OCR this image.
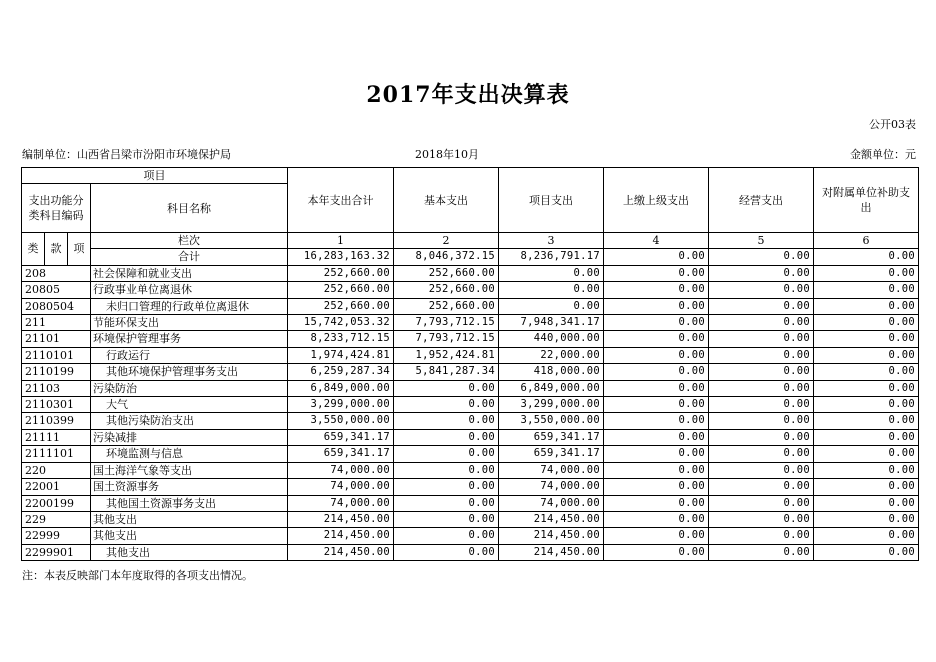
2017年支出决算表
公开03表
编制单位：山西省吕梁市汾阳市环境保护局	2018年10月	金额单位：元
项目				本年支出合计	基本支出	项目支出	上缴上级支出	经营支出	对附属单位补助支出
支出功能分类科目编码			科目名称						
类	款	项							
			栏次	1	2	3	4	5	6
			合计	16,283,163.32	8,046,372.15	8,236,791.17	0.00	0.00	0.00
208			社会保障和就业支出	252,660.00	252,660.00	0.00	0.00	0.00	0.00
20805			行政事业单位离退休	252,660.00	252,660.00	0.00	0.00	0.00	0.00
2080504			未归口管理的行政单位离退休	252,660.00	252,660.00	0.00	0.00	0.00	0.00
211			节能环保支出	15,742,053.32	7,793,712.15	7,948,341.17	0.00	0.00	0.00
21101			环境保护管理事务	8,233,712.15	7,793,712.15	440,000.00	0.00	0.00	0.00
2110101			行政运行	1,974,424.81	1,952,424.81	22,000.00	0.00	0.00	0.00
2110199			其他环境保护管理事务支出	6,259,287.34	5,841,287.34	418,000.00	0.00	0.00	0.00
21103			污染防治	6,849,000.00	0.00	6,849,000.00	0.00	0.00	0.00
2110301			大气	3,299,000.00	0.00	3,299,000.00	0.00	0.00	0.00
2110399			其他污染防治支出	3,550,000.00	0.00	3,550,000.00	0.00	0.00	0.00
21111			污染减排	659,341.17	0.00	659,341.17	0.00	0.00	0.00
2111101			环境监测与信息	659,341.17	0.00	659,341.17	0.00	0.00	0.00
220			国土海洋气象等支出	74,000.00	0.00	74,000.00	0.00	0.00	0.00
22001			国土资源事务	74,000.00	0.00	74,000.00	0.00	0.00	0.00
2200199			其他国土资源事务支出	74,000.00	0.00	74,000.00	0.00	0.00	0.00
229			其他支出	214,450.00	0.00	214,450.00	0.00	0.00	0.00
22999			其他支出	214,450.00	0.00	214,450.00	0.00	0.00	0.00
2299901			其他支出	214,450.00	0.00	214,450.00	0.00	0.00	0.00
注：本表反映部门本年度取得的各项支出情况。
